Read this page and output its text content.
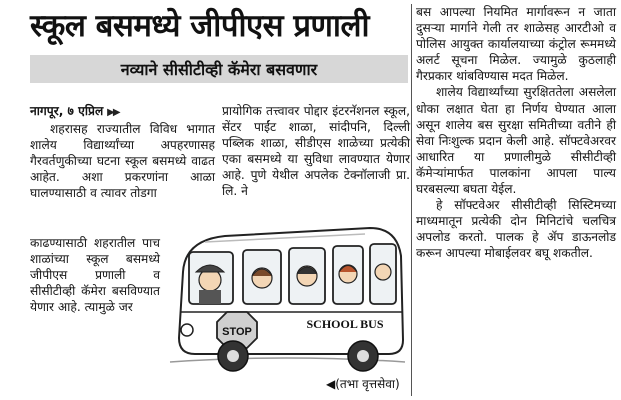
स्कूल बसमध्ये जीपीएस प्रणाली
नव्याने सीसीटीव्ही कॅमेरा बसवणार

नागपूर, ७ एप्रिल ▶▶

शहरासह राज्यातील विविध भागात शालेय विद्यार्थ्यांच्या अपहरणासह गैरवर्तणुकीच्या घटना स्कूल बसमध्ये वाढत आहेत. अशा प्रकरणांना आळा घालण्यासाठी व त्यावर तोडगा

काढण्यासाठी शहरातील पाच शाळांच्या स्कूल बसमध्ये जीपीएस प्रणाली व सीसीटीव्ही कॅमेरा बसविण्यात येणार आहे. त्यामुळे जर

प्रायोगिक तत्त्वावर पोद्दार इंटरनॅशनल स्कूल, सेंटर पाईंट शाळा, सांदीपनि, दिल्ली पब्लिक शाळा, सीडीएस शाळेच्या प्रत्येकी एका बसमध्ये या सुविधा लावण्यात येणार आहे. पुणे येथील अपलेक टेक्नॉलाजी प्रा. लि. ने

बस आपल्या नियमित मार्गावरून न जाता दुसऱ्या मार्गाने गेली तर शाळेसह आरटीओ व पोलिस आयुक्त कार्यालयाच्या कंट्रोल रूममध्ये अलर्ट सूचना मिळेल. ज्यामुळे कुठलाही गैरप्रकार थांबविण्यास मदत मिळेल.

शालेय विद्यार्थ्यांच्या सुरक्षिततेला असलेला धोका लक्षात घेता हा निर्णय घेण्यात आला असून शालेय बस सुरक्षा समितीच्या वतीने ही सेवा निःशुल्क प्रदान केली आहे. सॉफ्टवेअरवर आधारित या प्रणालीमुळे सीसीटीव्ही कॅमेऱ्यांमार्फत पालकांना आपला पाल्य घरबसल्या बघता येईल.

हे सॉफ्टवेअर सीसीटीव्ही सिस्टिमच्या माध्यमातून प्रत्येकी दोन मिनिटांचे चलचित्र अपलोड करतो. पालक हे ॲप डाऊनलोड करून आपल्या मोबाईलवर बघू शकतील.

STOP
SCHOOL BUS
◀(तभा वृत्तसेवा)
